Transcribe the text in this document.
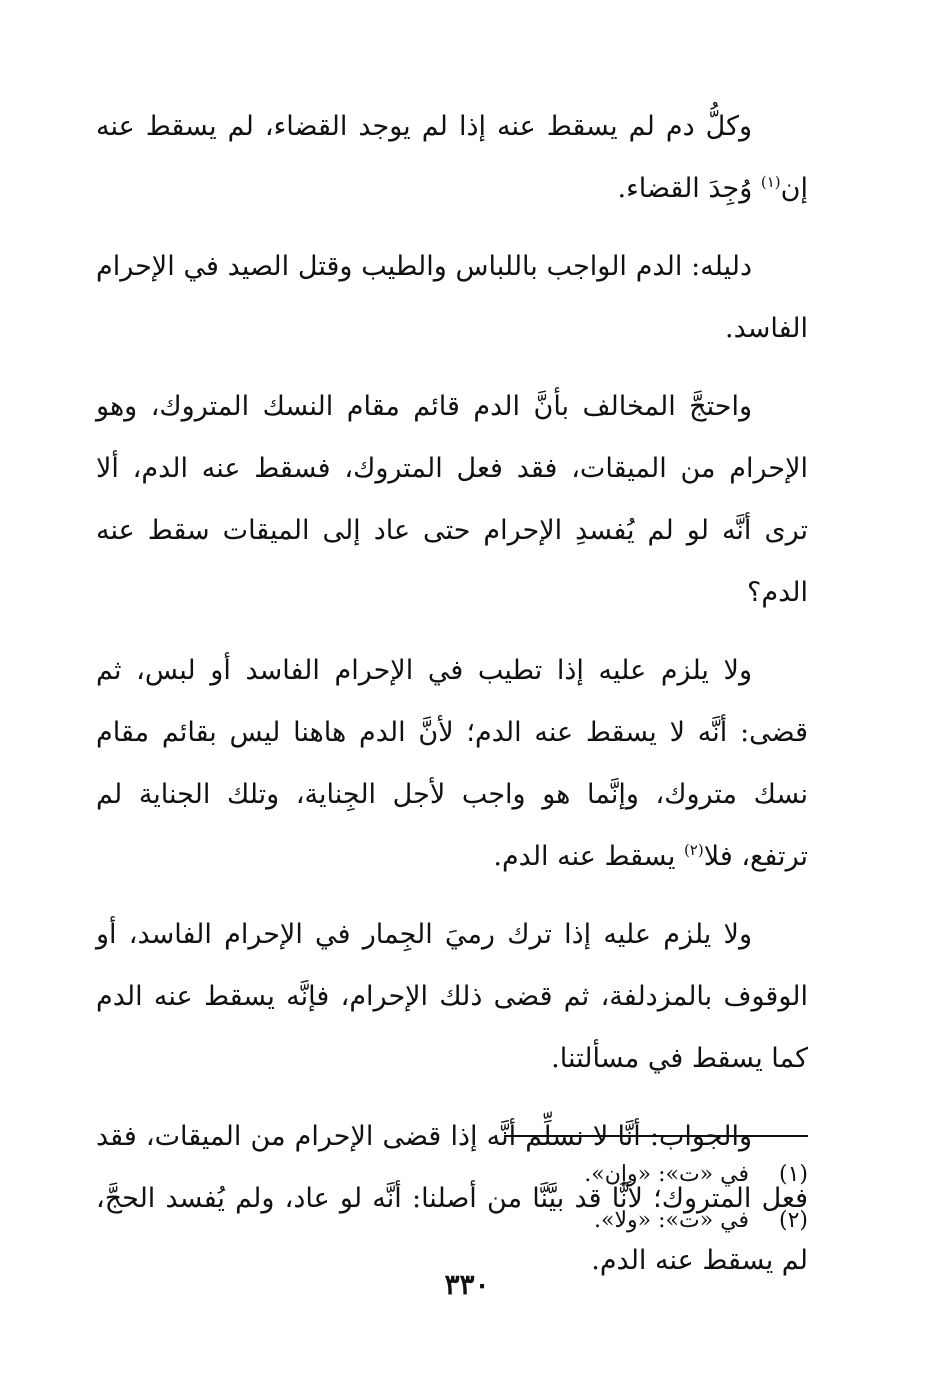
وكلُّ دم لم يسقط عنه إذا لم يوجد القضاء، لم يسقط عنه إن$^{(١)}$ وُجِدَ القضاء.

دليله: الدم الواجب باللباس والطيب وقتل الصيد في الإحرام الفاسد.

واحتجَّ المخالف بأنَّ الدم قائم مقام النسك المتروك، وهو الإحرام من الميقات، فقد فعل المتروك، فسقط عنه الدم، ألا ترى أنَّه لو لم يُفسدِ الإحرام حتى عاد إلى الميقات سقط عنه الدم؟

ولا يلزم عليه إذا تطيب في الإحرام الفاسد أو لبس، ثم قضى: أنَّه لا يسقط عنه الدم؛ لأنَّ الدم هاهنا ليس بقائم مقام نسك متروك، وإنَّما هو واجب لأجل الجِناية، وتلك الجناية لم ترتفع، فلا$^{(٢)}$ يسقط عنه الدم.

ولا يلزم عليه إذا ترك رميَ الجِمار في الإحرام الفاسد، أو الوقوف بالمزدلفة، ثم قضى ذلك الإحرام، فإنَّه يسقط عنه الدم كما يسقط في مسألتنا.

والجواب: أنَّا لا نسلِّم أنَّه إذا قضى الإحرام من الميقات، فقد فعل المتروك؛ لأنَّا قد بيَّنَّا من أصلنا: أنَّه لو عاد، ولم يُفسد الحجَّ، لم يسقط عنه الدم.

(١) في «ت»: «وإن».
(٢) في «ت»: «ولا».
٣٣٠
